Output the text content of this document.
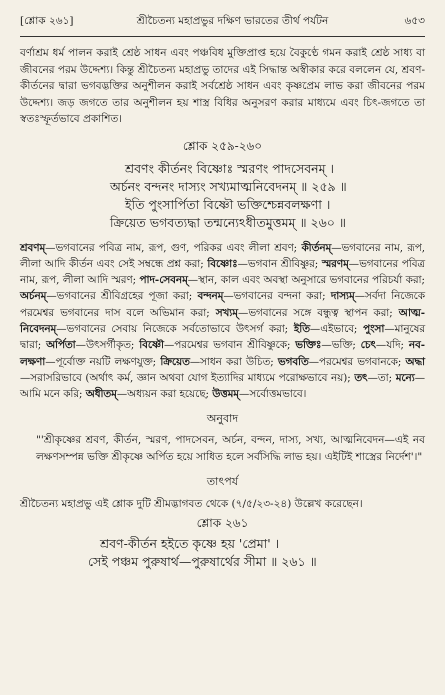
[শ্লোক ২৬১]	শ্রীচৈতন্য মহাপ্রভুর দক্ষিণ ভারতের তীর্থ পর্যটন	৬৫৩

বর্ণাশ্রম ধর্ম পালন করাই শ্রেষ্ঠ সাধন এবং পঞ্চবিধ মুক্তিপ্রাপ্ত হয়ে বৈকুণ্ঠে গমন করাই শ্রেষ্ঠ সাধ্য বা জীবনের পরম উদ্দেশ্য। কিন্তু শ্রীচৈতন্য মহাপ্রভু তাদের এই সিদ্ধান্ত অস্বীকার করে বললেন যে, শ্রবণ-কীর্তনের দ্বারা ভগবদ্ভক্তির অনুশীলন করাই সর্বশ্রেষ্ঠ সাধন এবং কৃষ্ণপ্রেম লাভ করা জীবনের পরম উদ্দেশ্য। জড় জগতে তার অনুশীলন হয় শাস্ত্র বিধির অনুসরণ করার মাধ্যমে এবং চিৎ-জগতে তা স্বতঃস্ফূর্তভাবে প্রকাশিত।

শ্লোক ২৫৯-২৬০
শ্রবণং কীর্তনং বিষ্ণোঃ স্মরণং পাদসেবনম্ ।
অর্চনং বন্দনং দাস্যং সখ্যমাত্মনিবেদনম্ ॥ ২৫৯ ॥
ইতি পুংসার্পিতা বিষ্ণৌ ভক্তিশ্চেন্নবলক্ষণা ।
ক্রিয়েত ভগবত্যদ্ধা তন্মন্যেঽধীতমুত্তমম্ ॥ ২৬০ ॥

শ্রবণম্—ভগবানের পবিত্র নাম, রূপ, গুণ, পরিকর এবং লীলা শ্রবণ; কীর্তনম্—ভগবানের নাম, রূপ, লীলা আদি কীর্তন এবং সেই সম্বন্ধে প্রশ্ন করা; বিষ্ণোঃ—ভগবান শ্রীবিষ্ণুর; স্মরণম্—ভগবানের পবিত্র নাম, রূপ, লীলা আদি স্মরণ; পাদ-সেবনম্—স্থান, কাল এবং অবস্থা অনুসারে ভগবানের পরিচর্যা করা; অর্চনম্—ভগবানের শ্রীবিগ্রহের পূজা করা; বন্দনম্—ভগবানের বন্দনা করা; দাস্যম্—সর্বদা নিজেকে পরমেশ্বর ভগবানের দাস বলে অভিমান করা; সখ্যম্—ভগবানের সঙ্গে বন্ধুত্ব স্থাপন করা; আত্ম-নিবেদনম্—ভগবানের সেবায় নিজেকে সর্বতোভাবে উৎসর্গ করা; ইতি—এইভাবে; পুংসা—মানুষের দ্বারা; অর্পিতা—উৎসর্গীকৃত; বিষ্ণৌ—পরমেশ্বর ভগবান শ্রীবিষ্ণুকে; ভক্তিঃ—ভক্তি; চেৎ—যদি; নব-লক্ষণা—পূর্বোক্ত নয়টি লক্ষণযুক্ত; ক্রিয়েত—সাধন করা উচিত; ভগবতি—পরমেশ্বর ভগবানকে; অদ্ধা—সরাসরিভাবে (অর্থাৎ কর্ম, জ্ঞান অথবা যোগ ইত্যাদির মাধ্যমে পরোক্ষভাবে নয়); তৎ—তা; মন্যে—আমি মনে করি; অধীতম্—অধ্যয়ন করা হয়েছে; উত্তমম্—সর্বোত্তমভাবে।

অনুবাদ

"'শ্রীকৃষ্ণের শ্রবণ, কীর্তন, স্মরণ, পাদসেবন, অর্চন, বন্দন, দাস্য, সখ্য, আত্মনিবেদন—এই নব লক্ষণসম্পন্ন ভক্তি শ্রীকৃষ্ণে অর্পিত হয়ে সাধিত হলে সর্বসিদ্ধি লাভ হয়। এইটিই শাস্ত্রের নির্দেশ'।"

তাৎপর্য

শ্রীচৈতন্য মহাপ্রভু এই শ্লোক দুটি শ্রীমদ্ভাগবত থেকে (৭/৫/২৩-২৪) উল্লেখ করেছেন।

শ্লোক ২৬১
শ্রবণ-কীর্তন হইতে কৃষ্ণে হয় 'প্রেমা' ।
সেই পঞ্চম পুরুষার্থ—পুরুষার্থের সীমা ॥ ২৬১ ॥
